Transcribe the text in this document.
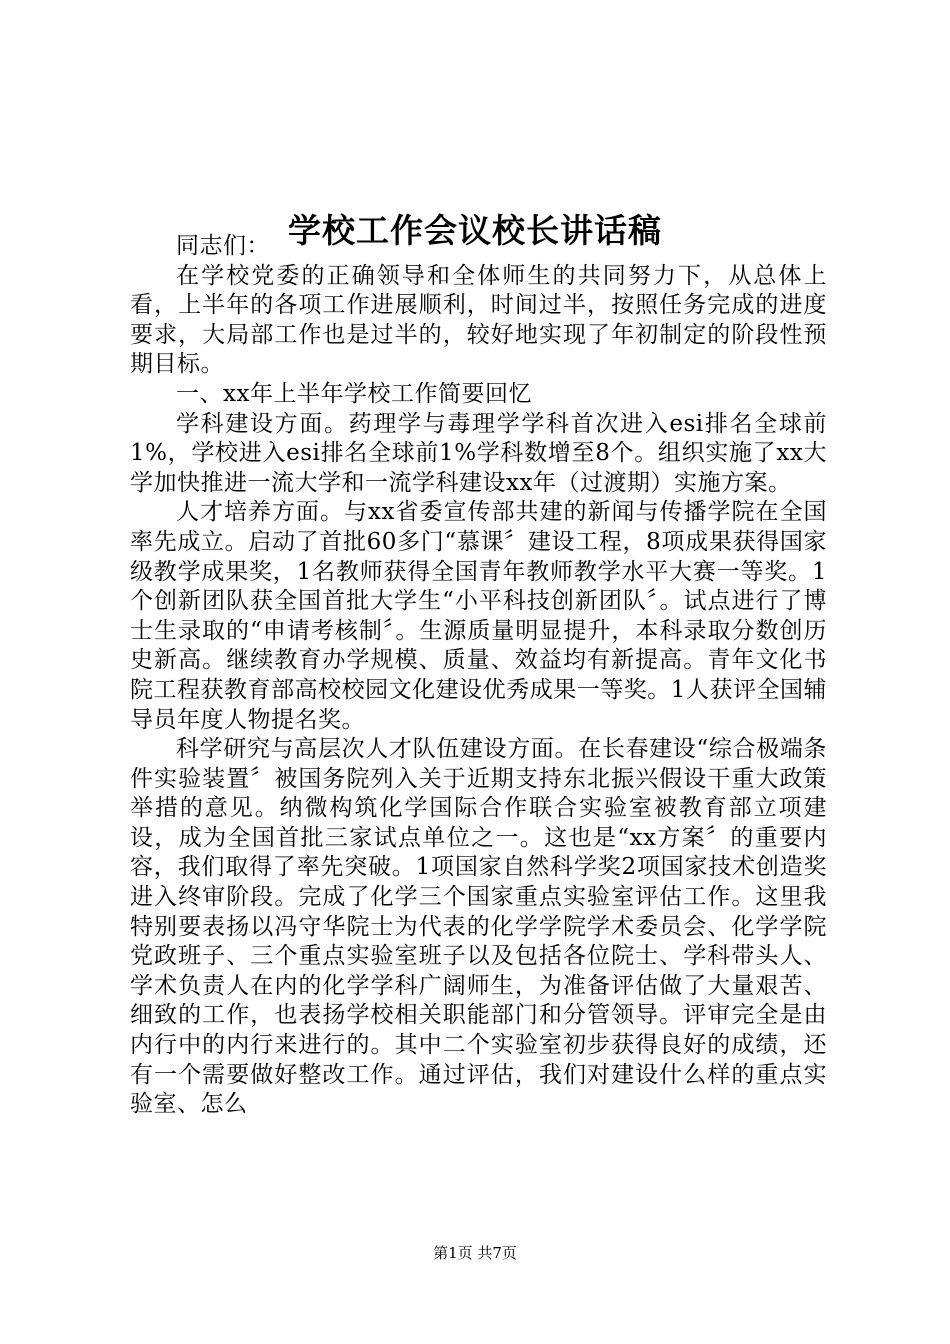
学校工作会议校长讲话稿

同志们：

在学校党委的正确领导和全体师生的共同努力下，从总体上看，上半年的各项工作进展顺利，时间过半，按照任务完成的进度要求，大局部工作也是过半的，较好地实现了年初制定的阶段性预期目标。

一、xx年上半年学校工作简要回忆

学科建设方面。药理学与毒理学学科首次进入esi排名全球前1%，学校进入esi排名全球前1%学科数增至8个。组织实施了xx大学加快推进一流大学和一流学科建设xx年（过渡期）实施方案。

人才培养方面。与xx省委宣传部共建的新闻与传播学院在全国率先成立。启动了首批60多门“慕课〞建设工程，8项成果获得国家级教学成果奖，1名教师获得全国青年教师教学水平大赛一等奖。1个创新团队获全国首批大学生“小平科技创新团队〞。试点进行了博士生录取的“申请考核制〞。生源质量明显提升，本科录取分数创历史新高。继续教育办学规模、质量、效益均有新提高。青年文化书院工程获教育部高校校园文化建设优秀成果一等奖。1人获评全国辅导员年度人物提名奖。

科学研究与高层次人才队伍建设方面。在长春建设“综合极端条件实验装置〞被国务院列入关于近期支持东北振兴假设干重大政策举措的意见。纳微构筑化学国际合作联合实验室被教育部立项建设，成为全国首批三家试点单位之一。这也是“xx方案〞的重要内容，我们取得了率先突破。1项国家自然科学奖2项国家技术创造奖进入终审阶段。完成了化学三个国家重点实验室评估工作。这里我特别要表扬以冯守华院士为代表的化学学院学术委员会、化学学院党政班子、三个重点实验室班子以及包括各位院士、学科带头人、学术负责人在内的化学学科广阔师生，为准备评估做了大量艰苦、细致的工作，也表扬学校相关职能部门和分管领导。评审完全是由内行中的内行来进行的。其中二个实验室初步获得良好的成绩，还有一个需要做好整改工作。通过评估，我们对建设什么样的重点实验室、怎么

第1页 共7页
